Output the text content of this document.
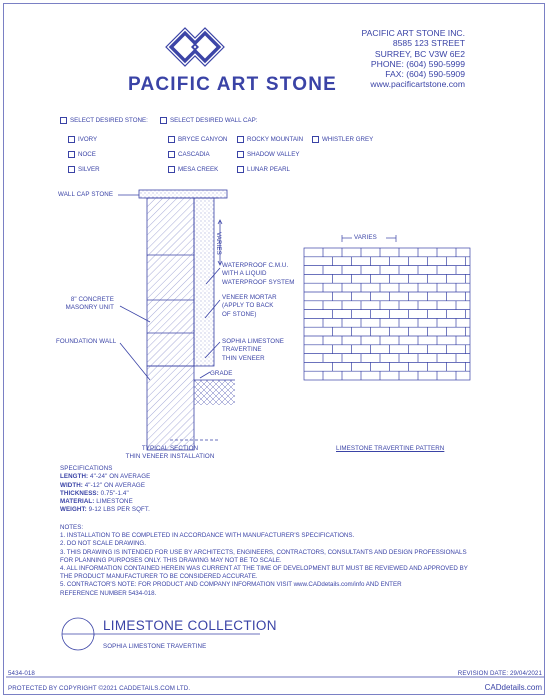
PACIFIC ART STONE
PACIFIC ART STONE INC.
8585 123 STREET
SURREY, BC V3W 6E2
PHONE: (604) 590-5999
FAX: (604) 590-5909
www.pacificartstone.com
SELECT DESIRED STONE:	SELECT DESIRED WALL CAP:
IVORY
NOCE
SILVER
BRYCE CANYON
CASCADIA
MESA CREEK
ROCKY MOUNTAIN
SHADOW VALLEY
LUNAR PEARL
WHISTLER GREY
WALL CAP STONE
VARIES
WATERPROOF C.M.U.
WITH A LIQUID
WATERPROOF SYSTEM
8" CONCRETE
MASONRY UNIT
VENEER MORTAR
(APPLY TO BACK
OF STONE)
FOUNDATION WALL	SOPHIA LIMESTONE
TRAVERTINE
THIN VENEER
GRADE
TYPICAL SECTION
THIN VENEER INSTALLATION
VARIES
LIMESTONE TRAVERTINE PATTERN
SPECIFICATIONS
LENGTH: 4"-24" ON AVERAGE
WIDTH: 4"-12" ON AVERAGE
THICKNESS: 0.75"-1.4"
MATERIAL: LIMESTONE
WEIGHT: 9-12 LBS PER SQFT.
NOTES:
1. INSTALLATION TO BE COMPLETED IN ACCORDANCE WITH MANUFACTURER'S SPECIFICATIONS.
2. DO NOT SCALE DRAWING.
3. THIS DRAWING IS INTENDED FOR USE BY ARCHITECTS, ENGINEERS, CONTRACTORS, CONSULTANTS AND DESIGN PROFESSIONALS
FOR PLANNING PURPOSES ONLY. THIS DRAWING MAY NOT BE TO SCALE.
4. ALL INFORMATION CONTAINED HEREIN WAS CURRENT AT THE TIME OF DEVELOPMENT BUT MUST BE REVIEWED AND APPROVED BY
THE PRODUCT MANUFACTURER TO BE CONSIDERED ACCURATE.
5. CONTRACTOR'S NOTE: FOR PRODUCT AND COMPANY INFORMATION VISIT www.CADdetails.com/info AND ENTER
REFERENCE NUMBER 5434-018.
LIMESTONE COLLECTION
SOPHIA LIMESTONE TRAVERTINE
5434-018	REVISION DATE: 29/04/2021
PROTECTED BY COPYRIGHT ©2021 CADDETAILS.COM LTD.	CADdetails.com
